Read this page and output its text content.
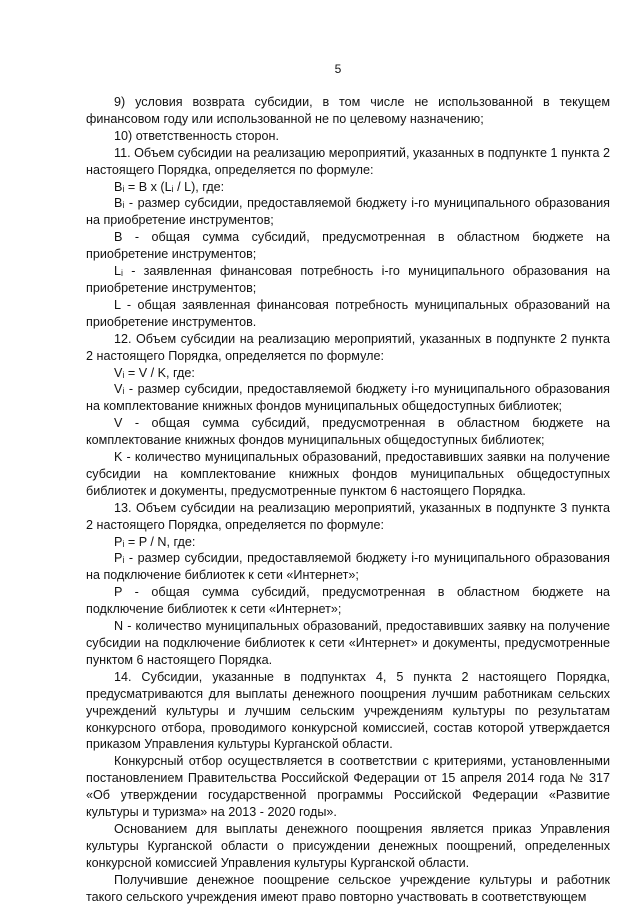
5

9) условия возврата субсидии, в том числе не использованной в текущем финансовом году или использованной не по целевому назначению;

10) ответственность сторон.

11. Объем субсидии на реализацию мероприятий, указанных в подпункте 1 пункта 2 настоящего Порядка, определяется по формуле:

Bᵢ = B x (Lᵢ / L), где:

Bᵢ - размер субсидии, предоставляемой бюджету i-го муниципального образования на приобретение инструментов;

B - общая сумма субсидий, предусмотренная в областном бюджете на приобретение инструментов;

Lᵢ - заявленная финансовая потребность i-го муниципального образования на приобретение инструментов;

L - общая заявленная финансовая потребность муниципальных образований на приобретение инструментов.

12. Объем субсидии на реализацию мероприятий, указанных в подпункте 2 пункта 2 настоящего Порядка, определяется по формуле:

Vᵢ = V / K, где:

Vᵢ - размер субсидии, предоставляемой бюджету i-го муниципального образования на комплектование книжных фондов муниципальных общедоступных библиотек;

V - общая сумма субсидий, предусмотренная в областном бюджете на комплектование книжных фондов муниципальных общедоступных библиотек;

K - количество муниципальных образований, предоставивших заявки на получение субсидии на комплектование книжных фондов муниципальных общедоступных библиотек и документы, предусмотренные пунктом 6 настоящего Порядка.

13. Объем субсидии на реализацию мероприятий, указанных в подпункте 3 пункта 2 настоящего Порядка, определяется по формуле:

Pᵢ = P / N, где:

Pᵢ - размер субсидии, предоставляемой бюджету i-го муниципального образования на подключение библиотек к сети «Интернет»;

P - общая сумма субсидий, предусмотренная в областном бюджете на подключение библиотек к сети «Интернет»;

N - количество муниципальных образований, предоставивших заявку на получение субсидии на подключение библиотек к сети «Интернет» и документы, предусмотренные пунктом 6 настоящего Порядка.

14. Субсидии, указанные в подпунктах 4, 5 пункта 2 настоящего Порядка, предусматриваются для выплаты денежного поощрения лучшим работникам сельских учреждений культуры и лучшим сельским учреждениям культуры по результатам конкурсного отбора, проводимого конкурсной комиссией, состав которой утверждается приказом Управления культуры Курганской области.

Конкурсный отбор осуществляется в соответствии с критериями, установленными постановлением Правительства Российской Федерации от 15 апреля 2014 года № 317 «Об утверждении государственной программы Российской Федерации «Развитие культуры и туризма» на 2013 - 2020 годы».

Основанием для выплаты денежного поощрения является приказ Управления культуры Курганской области о присуждении денежных поощрений, определенных конкурсной комиссией Управления культуры Курганской области.

Получившие денежное поощрение сельское учреждение культуры и работник такого сельского учреждения имеют право повторно участвовать в соответствующем
